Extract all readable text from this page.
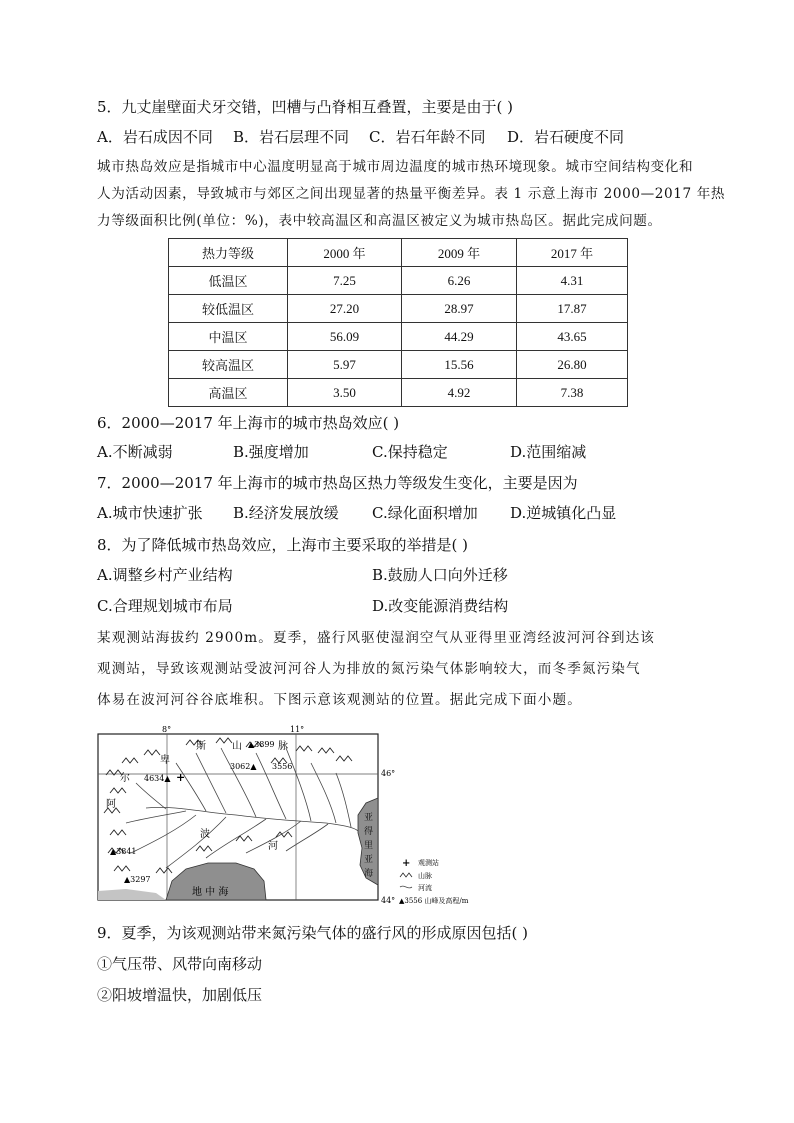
5．九丈崖壁面犬牙交错，凹槽与凸脊相互叠置，主要是由于( )
A．岩石成因不同 B．岩石层理不同 C．岩石年龄不同 D．岩石硬度不同
城市热岛效应是指城市中心温度明显高于城市周边温度的城市热环境现象。城市空间结构变化和
人为活动因素，导致城市与郊区之间出现显著的热量平衡差异。表 1 示意上海市 2000—2017 年热
力等级面积比例(单位：%)，表中较高温区和高温区被定义为城市热岛区。据此完成问题。
热力等级	2000 年	2009 年	2017 年
低温区	7.25	6.26	4.31
较低温区	27.20	28.97	17.87
中温区	56.09	44.29	43.65
较高温区	5.97	15.56	26.80
高温区	3.50	4.92	7.38
6．2000—2017 年上海市的城市热岛效应( )
A.不断减弱	B.强度增加	C.保持稳定	D.范围缩减
7．2000—2017 年上海市的城市热岛区热力等级发生变化，主要是因为
A.城市快速扩张 B.经济发展放缓 C.绿化面积增加 D.逆城镇化凸显
8．为了降低城市热岛效应，上海市主要采取的举措是( )
A.调整乡村产业结构	B.鼓励人口向外迁移
C.合理规划城市布局	D.改变能源消费结构
某观测站海拔约 2900m。夏季，盛行风驱使湿润空气从亚得里亚湾经波河河谷到达该
观测站，导致该观测站受波河河谷人为排放的氮污染气体影响较大，而冬季氮污染气
体易在波河河谷谷底堆积。下图示意该观测站的位置。据此完成下面小题。
8°	11°
46°
44°
卑
斯	山	脉
尔
阿
波
河
亚
得
里
亚
海
地 中 海
▲3899
4634▲
3062▲ 3556
▲3841
▲3297
+
+ 观测站
山脉
河流
▲3556 山峰及高程/m
9．夏季，为该观测站带来氮污染气体的盛行风的形成原因包括( )
①气压带、风带向南移动
②阳坡增温快，加剧低压
